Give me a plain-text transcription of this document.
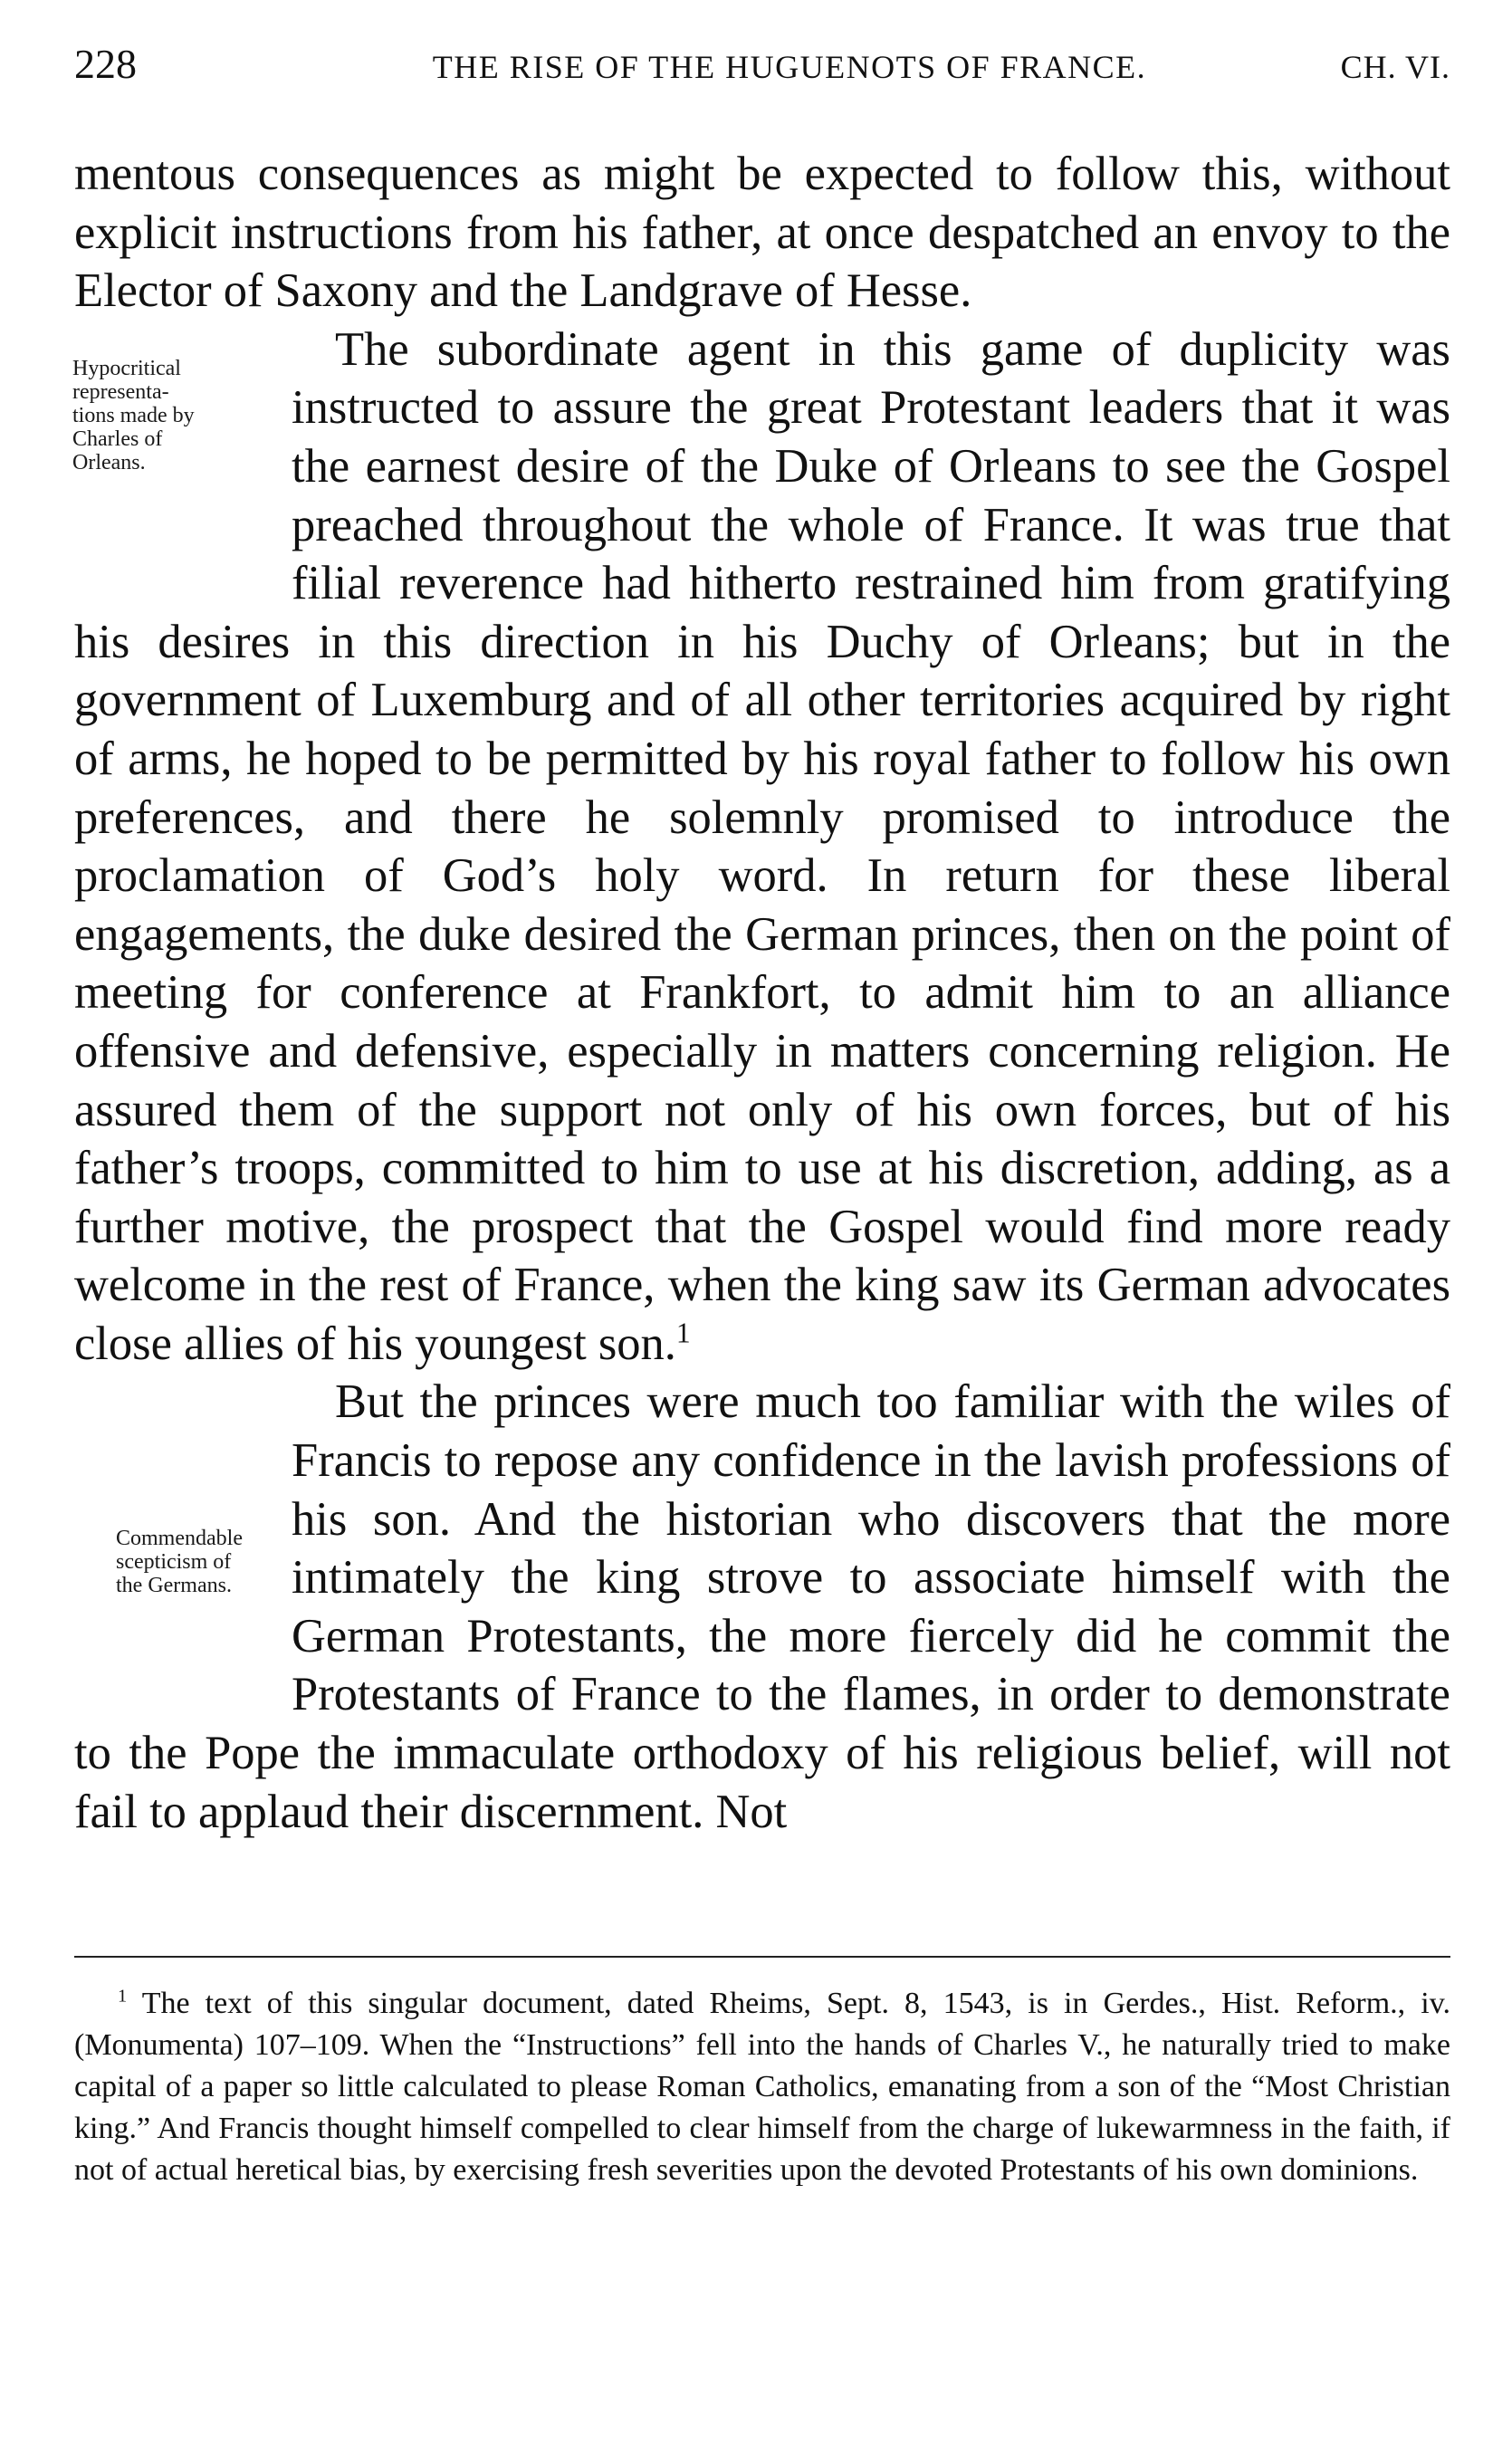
228	THE RISE OF THE HUGUENOTS OF FRANCE.	CH. VI.

mentous consequences as might be expected to follow this, without explicit instructions from his father, at once despatched an envoy to the Elector of Saxony and the Landgrave of Hesse.

Hypocritical
representa-
tions made by
Charles of
Orleans.

The subordinate agent in this game of duplicity was instructed to assure the great Protestant leaders that it was the earnest desire of the Duke of Orleans to see the Gospel preached throughout the whole of France. It was true that filial reverence had hitherto restrained him from gratifying his desires in this direction in his Duchy of Orleans; but in the government of Luxemburg and of all other territories acquired by right of arms, he hoped to be permitted by his royal father to follow his own preferences, and there he solemnly promised to introduce the proclamation of God’s holy word. In return for these liberal engagements, the duke desired the German princes, then on the point of meeting for conference at Frankfort, to admit him to an alliance offensive and defensive, especially in matters concerning religion. He assured them of the support not only of his own forces, but of his father’s troops, committed to him to use at his discretion, adding, as a further motive, the prospect that the Gospel would find more ready welcome in the rest of France, when the king saw its German advocates close allies of his youngest son.$^1$

Commendable
scepticism of
the Germans.
But the princes were much too familiar with the wiles of Francis to repose any confidence in the lavish professions of his son. And the historian who discovers that the more intimately the king strove to associate himself with the German Protestants, the more fiercely did he commit the Protestants of France to the flames, in order to demonstrate to the Pope the immaculate orthodoxy of his religious belief, will not fail to applaud their discernment. Not

$^1$ The text of this singular document, dated Rheims, Sept. 8, 1543, is in Gerdes., Hist. Reform., iv. (Monumenta) 107–109. When the “Instructions” fell into the hands of Charles V., he naturally tried to make capital of a paper so little calculated to please Roman Catholics, emanating from a son of the “Most Christian king.” And Francis thought himself compelled to clear himself from the charge of lukewarmness in the faith, if not of actual heretical bias, by exercising fresh severities upon the devoted Protestants of his own dominions.
